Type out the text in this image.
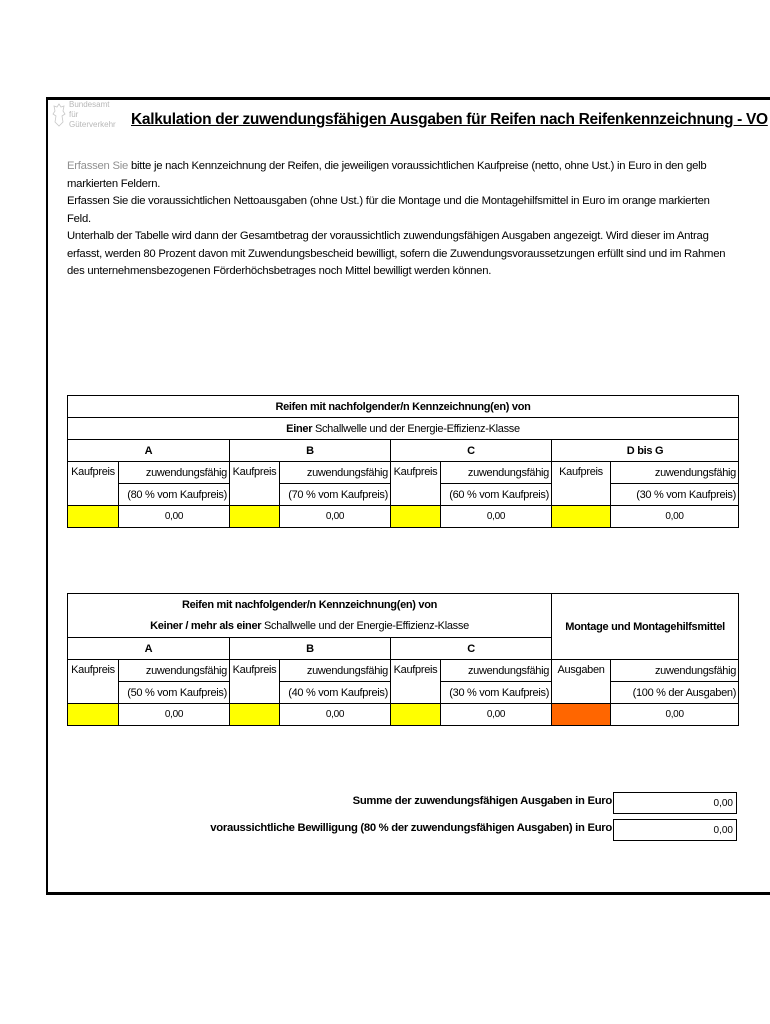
Bundesamt
für Güterverkehr Kalkulation der zuwendungsfähigen Ausgaben für Reifen nach Reifenkennzeichnung - VO

Erfassen Sie bitte je nach Kennzeichnung der Reifen, die jeweiligen voraussichtlichen Kaufpreise (netto, ohne Ust.) in Euro in den gelb markierten Feldern.

Erfassen Sie die voraussichtlichen Nettoausgaben (ohne Ust.) für die Montage und die Montagehilfsmittel in Euro im orange markierten Feld.

Unterhalb der Tabelle wird dann der Gesamtbetrag der voraussichtlich zuwendungsfähigen Ausgaben angezeigt. Wird dieser im Antrag erfasst, werden 80 Prozent davon mit Zuwendungsbescheid bewilligt, sofern die Zuwendungsvoraussetzungen erfüllt sind und im Rahmen des unternehmensbezogenen Förderhöchsbetrages noch Mittel bewilligt werden können.

Reifen mit nachfolgender/n Kennzeichnung(en) von							
Einer Schallwelle und der Energie-Effizienz-Klasse							
A		B		C		D bis G	
Kaufpreis	zuwendungsfähig	Kaufpreis	zuwendungsfähig	Kaufpreis	zuwendungsfähig	Kaufpreis	zuwendungsfähig
	(80 % vom Kaufpreis)		(70 % vom Kaufpreis)		(60 % vom Kaufpreis)		(30 % vom Kaufpreis)
	0,00		0,00		0,00		0,00
Reifen mit nachfolgender/n Kennzeichnung(en) von						Montage und Montagehilfsmittel	
Keiner / mehr als einer Schallwelle und der Energie-Effizienz-Klasse							
A		B		C			
Kaufpreis	zuwendungsfähig	Kaufpreis	zuwendungsfähig	Kaufpreis	zuwendungsfähig	Ausgaben	zuwendungsfähig
	(50 % vom Kaufpreis)		(40 % vom Kaufpreis)		(30 % vom Kaufpreis)		(100 % der Ausgaben)
	0,00		0,00		0,00		0,00
Summe der zuwendungsfähigen Ausgaben in Euro	0,00
voraussichtliche Bewilligung (80 % der zuwendungsfähigen Ausgaben) in Euro	0,00
